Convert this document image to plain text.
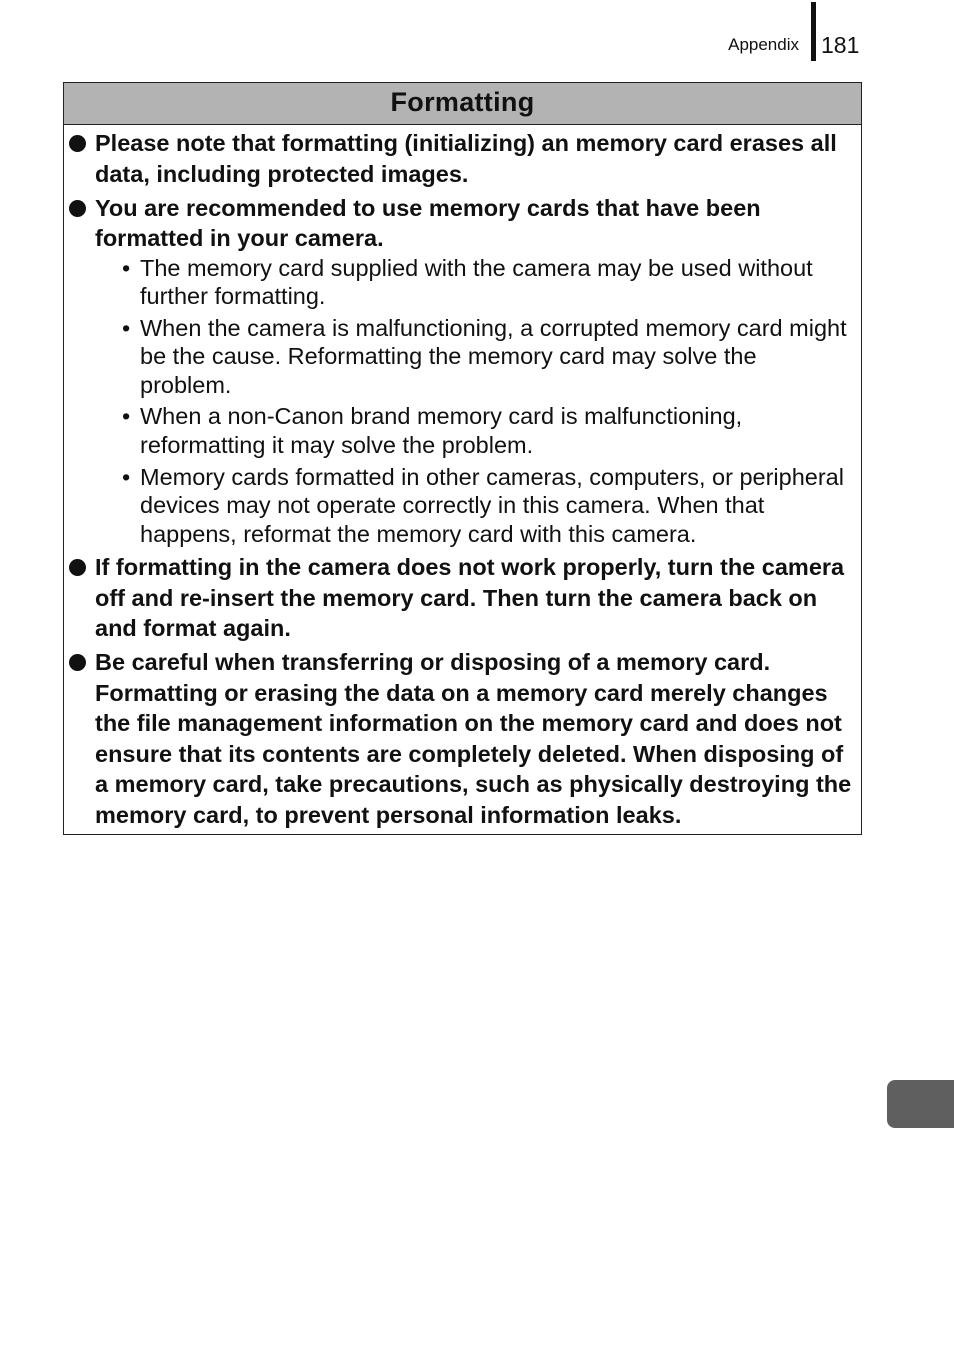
Appendix 181
Formatting
Please note that formatting (initializing) an memory card erases all data, including protected images.
You are recommended to use memory cards that have been formatted in your camera.
• The memory card supplied with the camera may be used without further formatting.
• When the camera is malfunctioning, a corrupted memory card might be the cause. Reformatting the memory card may solve the problem.
• When a non-Canon brand memory card is malfunctioning, reformatting it may solve the problem.
• Memory cards formatted in other cameras, computers, or peripheral devices may not operate correctly in this camera. When that happens, reformat the memory card with this camera.
If formatting in the camera does not work properly, turn the camera off and re-insert the memory card. Then turn the camera back on and format again.
Be careful when transferring or disposing of a memory card. Formatting or erasing the data on a memory card merely changes the file management information on the memory card and does not ensure that its contents are completely deleted. When disposing of a memory card, take precautions, such as physically destroying the memory card, to prevent personal information leaks.
